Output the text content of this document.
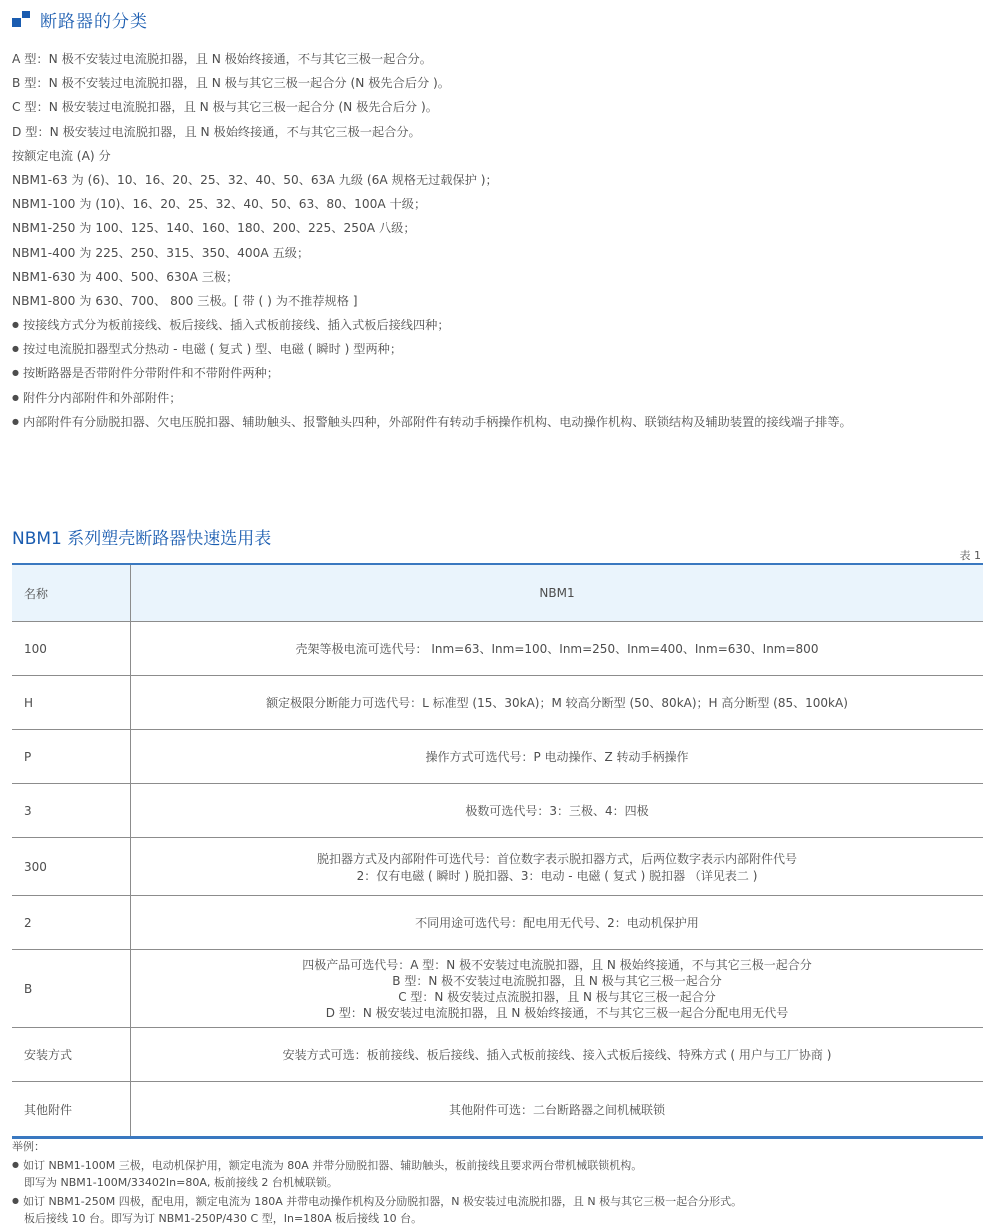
断路器的分类
A 型：N 极不安装过电流脱扣器，且 N 极始终接通，不与其它三极一起合分。
B 型：N 极不安装过电流脱扣器，且 N 极与其它三极一起合分 (N 极先合后分 )。
C 型：N 极安装过电流脱扣器，且 N 极与其它三极一起合分 (N 极先合后分 )。
D 型：N 极安装过电流脱扣器，且 N 极始终接通，不与其它三极一起合分。
按额定电流 (A) 分
NBM1-63 为 (6)、10、16、20、25、32、40、50、63A 九级 (6A 规格无过载保护 )；
NBM1-100 为 (10)、16、20、25、32、40、50、63、80、100A 十级；
NBM1-250 为 100、125、140、160、180、200、225、250A 八级；
NBM1-400 为 225、250、315、350、400A 五级；
NBM1-630 为 400、500、630A 三极；
NBM1-800 为 630、700、 800 三极。[ 带 ( ) 为不推荐规格 ]
● 按接线方式分为板前接线、板后接线、插入式板前接线、插入式板后接线四种；
● 按过电流脱扣器型式分热动 - 电磁 ( 复式 ) 型、电磁 ( 瞬时 ) 型两种；
● 按断路器是否带附件分带附件和不带附件两种；
● 附件分内部附件和外部附件；
● 内部附件有分励脱扣器、欠电压脱扣器、辅助触头、报警触头四种，外部附件有转动手柄操作机构、电动操作机构、联锁结构及辅助装置的接线端子排等。
NBM1 系列塑壳断路器快速选用表
表 1
名称	NBM1
100	壳架等极电流可选代号： Inm=63、Inm=100、Inm=250、Inm=400、Inm=630、Inm=800
H	额定极限分断能力可选代号：L 标准型 (15、30kA)；M 较高分断型 (50、80kA)；H 高分断型 (85、100kA)
P	操作方式可选代号：P 电动操作、Z 转动手柄操作
3	极数可选代号：3：三极、4：四极
300	脱扣器方式及内部附件可选代号：首位数字表示脱扣器方式，后两位数字表示内部附件代号
2：仅有电磁 ( 瞬时 ) 脱扣器、3：电动 - 电磁 ( 复式 ) 脱扣器 （详见表二 )

2	不同用途可选代号：配电用无代号、2：电动机保护用
B	四极产品可选代号：A 型：N 极不安装过电流脱扣器，且 N 极始终接通，不与其它三极一起合分
B 型：N 极不安装过电流脱扣器，且 N 极与其它三极一起合分
C 型：N 极安装过点流脱扣器，且 N 极与其它三极一起合分
D 型：N 极安装过电流脱扣器，且 N 极始终接通，不与其它三极一起合分配电用无代号

安装方式	安装方式可选：板前接线、板后接线、插入式板前接线、接入式板后接线、特殊方式 ( 用户与工厂协商 )
其他附件	其他附件可选：二台断路器之间机械联锁
举例：
● 如订 NBM1-100M 三极，电动机保护用，额定电流为 80A 并带分励脱扣器、辅助触头，板前接线且要求两台带机械联锁机构。
即写为 NBM1-100M/33402In=80A, 板前接线 2 台机械联锁。
● 如订 NBM1-250M 四极，配电用，额定电流为 180A 并带电动操作机构及分励脱扣器，N 极安装过电流脱扣器，且 N 极与其它三极一起合分形式。
板后接线 10 台。即写为订 NBM1-250P/430 C 型，In=180A 板后接线 10 台。
